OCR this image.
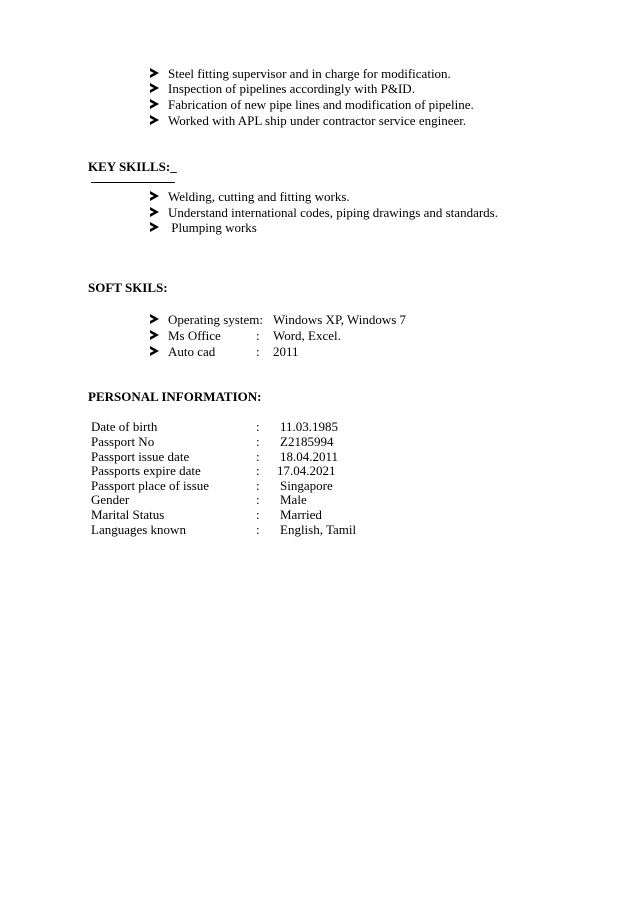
Steel fitting supervisor and in charge for modification.
Inspection of pipelines accordingly with P&ID.
Fabrication of new pipe lines and modification of pipeline.
Worked with APL ship under contractor service engineer.
KEY SKILLS:_
Welding, cutting and fitting works.
Understand international codes, piping drawings and standards.
Plumping works
SOFT SKILS:
Operating system: Windows XP, Windows 7
Ms Office	: Word, Excel.
Auto cad	: 2011
PERSONAL INFORMATION:
Date of birth	: 11.03.1985
Passport No	: Z2185994
Passport issue date	: 18.04.2011
Passports expire date	: 17.04.2021
Passport place of issue	: Singapore
Gender	: Male
Marital Status	: Married
Languages known	: English, Tamil
